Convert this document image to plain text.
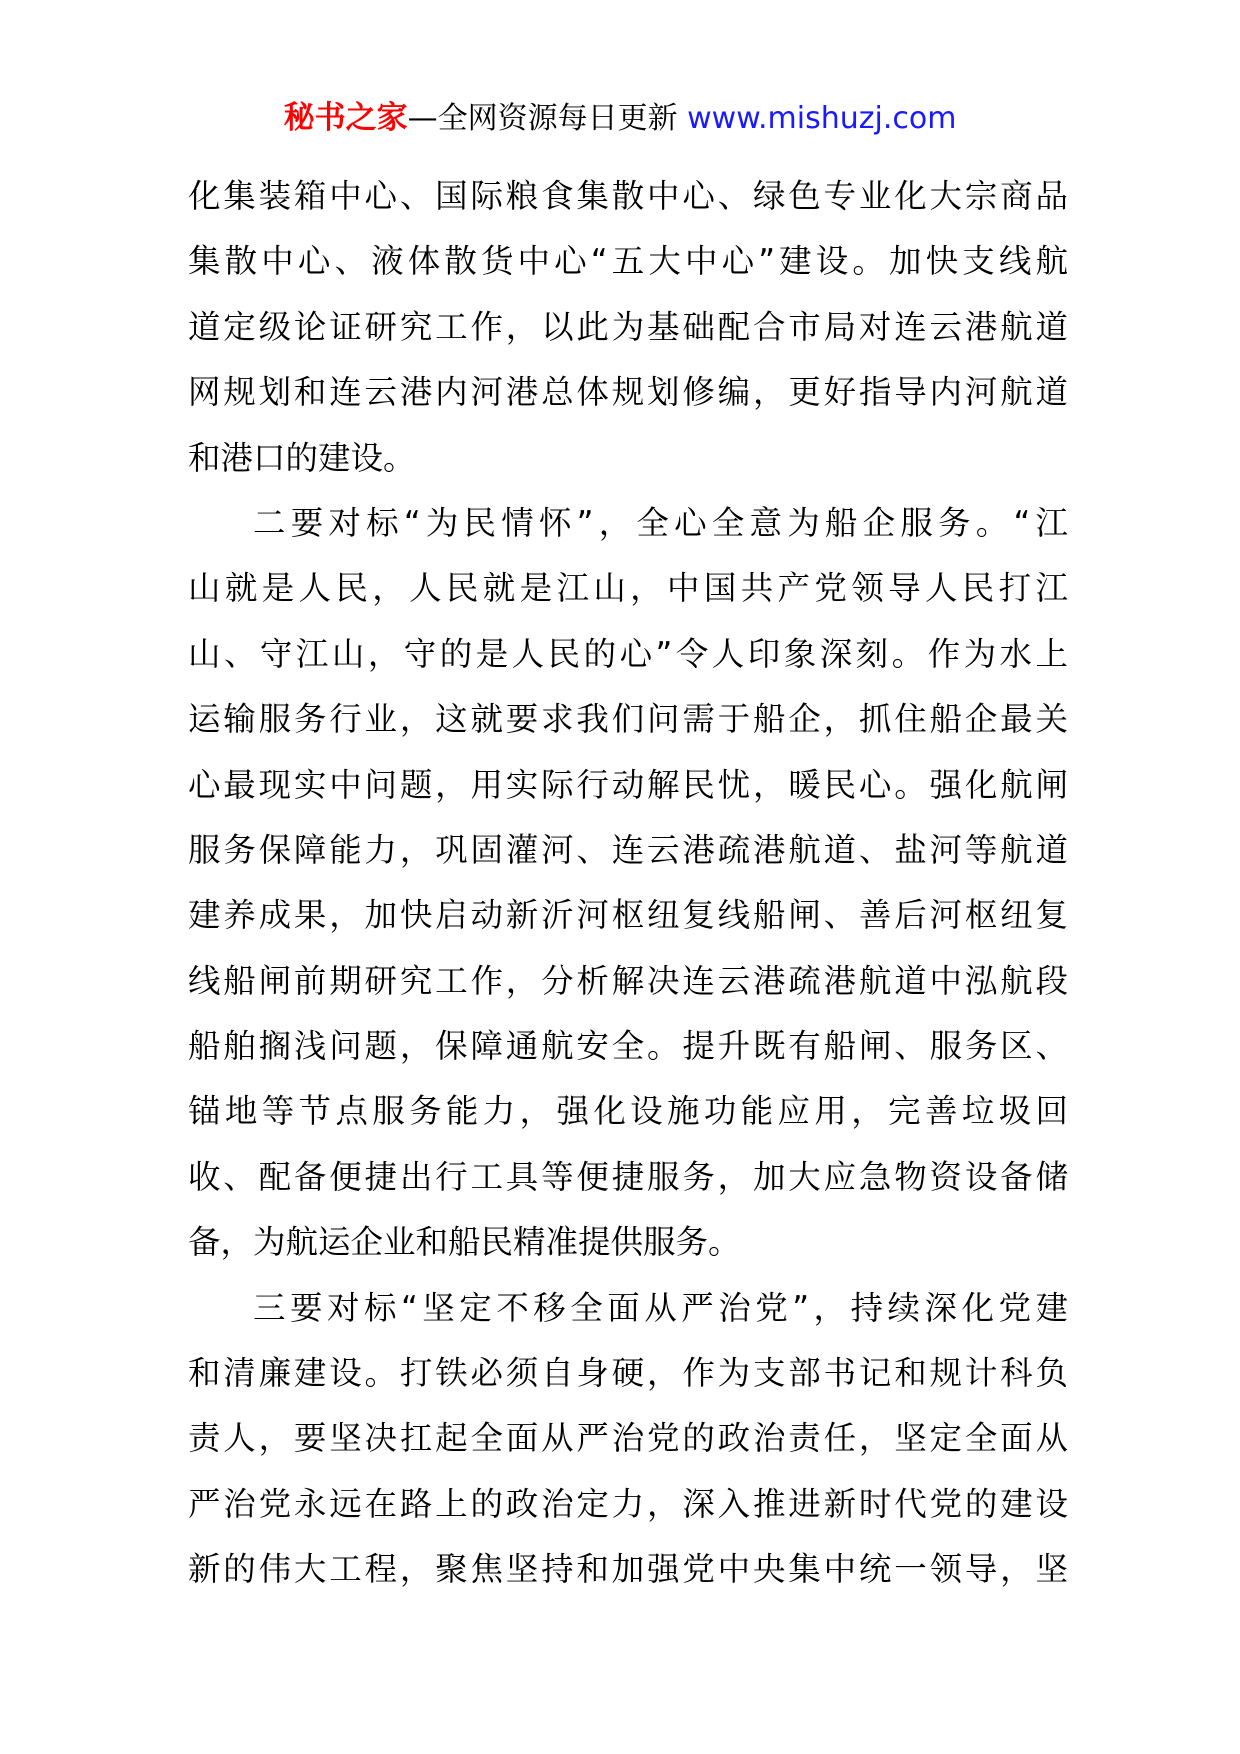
秘书之家—全网资源每日更新 www.mishuzj.com

化集装箱中心、国际粮食集散中心、绿色专业化大宗商品
集散中心、液体散货中心“五大中心”建设。加快支线航
道定级论证研究工作，以此为基础配合市局对连云港航道
网规划和连云港内河港总体规划修编，更好指导内河航道
和港口的建设。

二要对标“为民情怀”，全心全意为船企服务。“江
山就是人民，人民就是江山，中国共产党领导人民打江
山、守江山，守的是人民的心”令人印象深刻。作为水上
运输服务行业，这就要求我们问需于船企，抓住船企最关
心最现实中问题，用实际行动解民忧，暖民心。强化航闸
服务保障能力，巩固灌河、连云港疏港航道、盐河等航道
建养成果，加快启动新沂河枢纽复线船闸、善后河枢纽复
线船闸前期研究工作，分析解决连云港疏港航道中泓航段
船舶搁浅问题，保障通航安全。提升既有船闸、服务区、
锚地等节点服务能力，强化设施功能应用，完善垃圾回
收、配备便捷出行工具等便捷服务，加大应急物资设备储
备，为航运企业和船民精准提供服务。

三要对标“坚定不移全面从严治党”，持续深化党建
和清廉建设。打铁必须自身硬，作为支部书记和规计科负
责人，要坚决扛起全面从严治党的政治责任，坚定全面从
严治党永远在路上的政治定力，深入推进新时代党的建设
新的伟大工程，聚焦坚持和加强党中央集中统一领导，坚
